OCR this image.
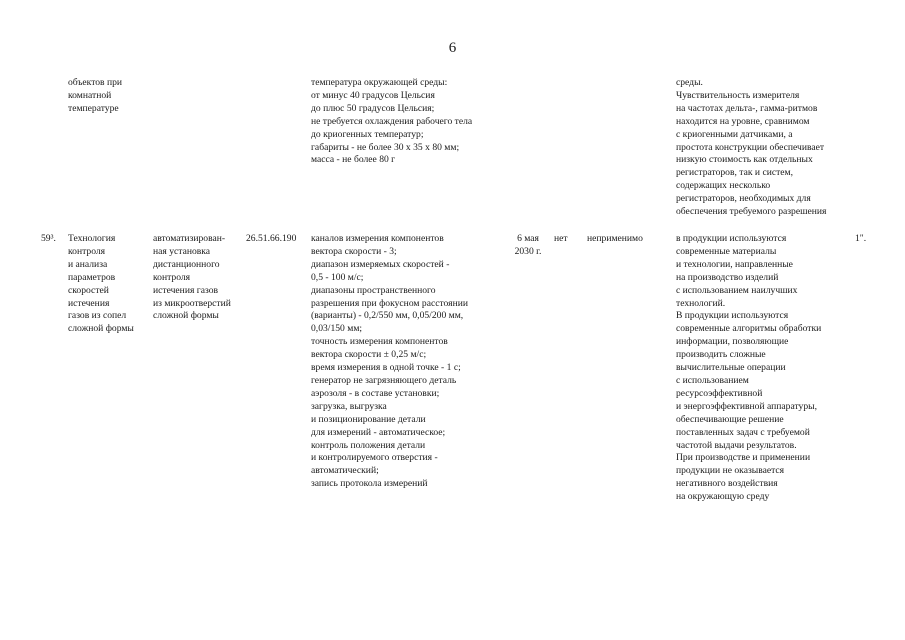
6
объектов при
комнатной
температуре
температура окружающей среды:
от минус 40 градусов Цельсия
до плюс 50 градусов Цельсия;
не требуется охлаждения рабочего тела
до криогенных температур;
габариты - не более 30 х 35 х 80 мм;
масса - не более 80 г
среды.
Чувствительность измерителя
на частотах дельта-, гамма-ритмов
находится на уровне, сравнимом
с криогенными датчиками, а
простота конструкции обеспечивает
низкую стоимость как отдельных
регистраторов, так и систем,
содержащих несколько
регистраторов, необходимых для
обеспечения требуемого разрешения
59³. Технология
контроля
и анализа
параметров
скоростей
истечения
газов из сопел
сложной формы
автоматизирован-
ная установка
дистанционного
контроля
истечения газов
из микроотверстий
сложной формы
26.51.66.190 каналов измерения компонентов
вектора скорости - 3;
диапазон измеряемых скоростей -
0,5 - 100 м/с;
диапазоны пространственного
разрешения при фокусном расстоянии
(варианты) - 0,2/550 мм, 0,05/200 мм,
0,03/150 мм;
точность измерения компонентов
вектора скорости ± 0,25 м/с;
время измерения в одной точке - 1 с;
генератор не загрязняющего деталь
аэрозоля - в составе установки;
загрузка, выгрузка
и позиционирование детали
для измерений - автоматическое;
контроль положения детали
и контролируемого отверстия -
автоматический;
запись протокола измерений
6 мая
2030 г.
нет неприменимо	в продукции используются
современные материалы
и технологии, направленные
на производство изделий
с использованием наилучших
технологий.
В продукции используются
современные алгоритмы обработки
информации, позволяющие
производить сложные
вычислительные операции
с использованием
ресурсоэффективной
и энергоэффективной аппаратуры,
обеспечивающие решение
поставленных задач с требуемой
частотой выдачи результатов.
При производстве и применении
продукции не оказывается
негативного воздействия
на окружающую среду
1".
